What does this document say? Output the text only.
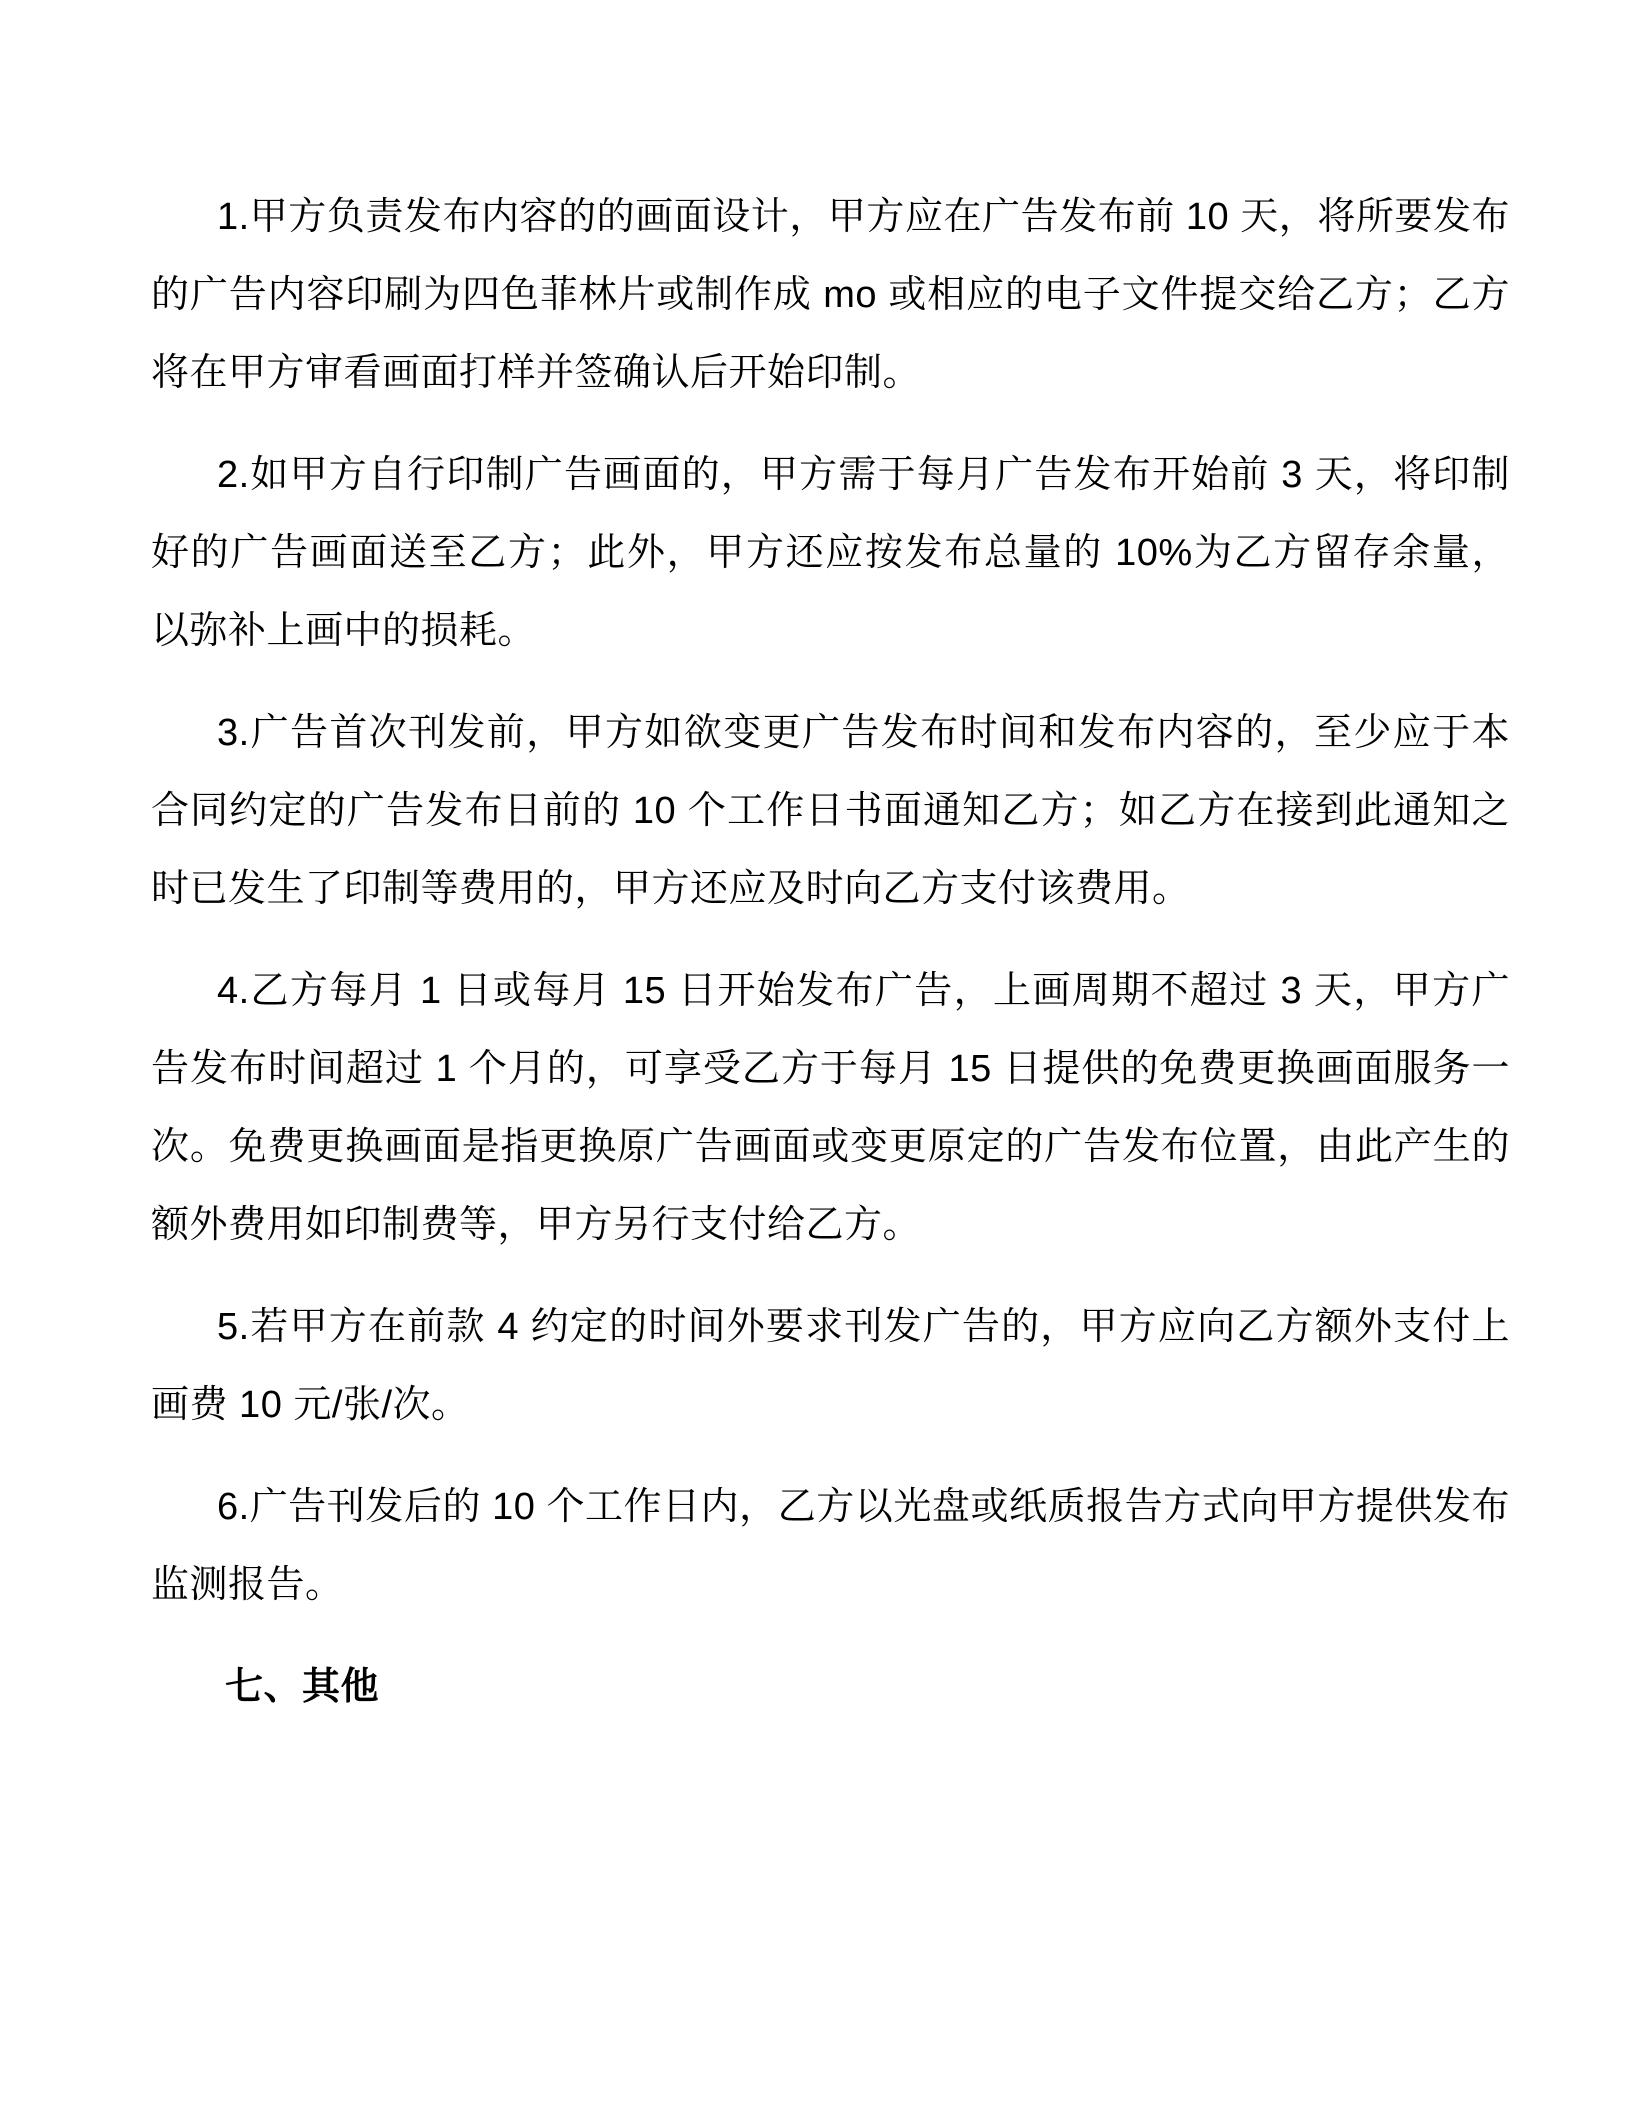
1.甲方负责发布内容的的画面设计，甲方应在广告发布前 10 天，将所要发布的广告内容印刷为四色菲林片或制作成 mo 或相应的电子文件提交给乙方；乙方将在甲方审看画面打样并签确认后开始印制。

2.如甲方自行印制广告画面的，甲方需于每月广告发布开始前 3 天，将印制好的广告画面送至乙方；此外，甲方还应按发布总量的 10%为乙方留存余量，以弥补上画中的损耗。

3.广告首次刊发前，甲方如欲变更广告发布时间和发布内容的，至少应于本合同约定的广告发布日前的 10 个工作日书面通知乙方；如乙方在接到此通知之时已发生了印制等费用的，甲方还应及时向乙方支付该费用。

4.乙方每月 1 日或每月 15 日开始发布广告，上画周期不超过 3 天，甲方广告发布时间超过 1 个月的，可享受乙方于每月 15 日提供的免费更换画面服务一次。免费更换画面是指更换原广告画面或变更原定的广告发布位置，由此产生的额外费用如印制费等，甲方另行支付给乙方。

5.若甲方在前款 4 约定的时间外要求刊发广告的，甲方应向乙方额外支付上画费 10 元/张/次。

6.广告刊发后的 10 个工作日内，乙方以光盘或纸质报告方式向甲方提供发布监测报告。

七、其他
